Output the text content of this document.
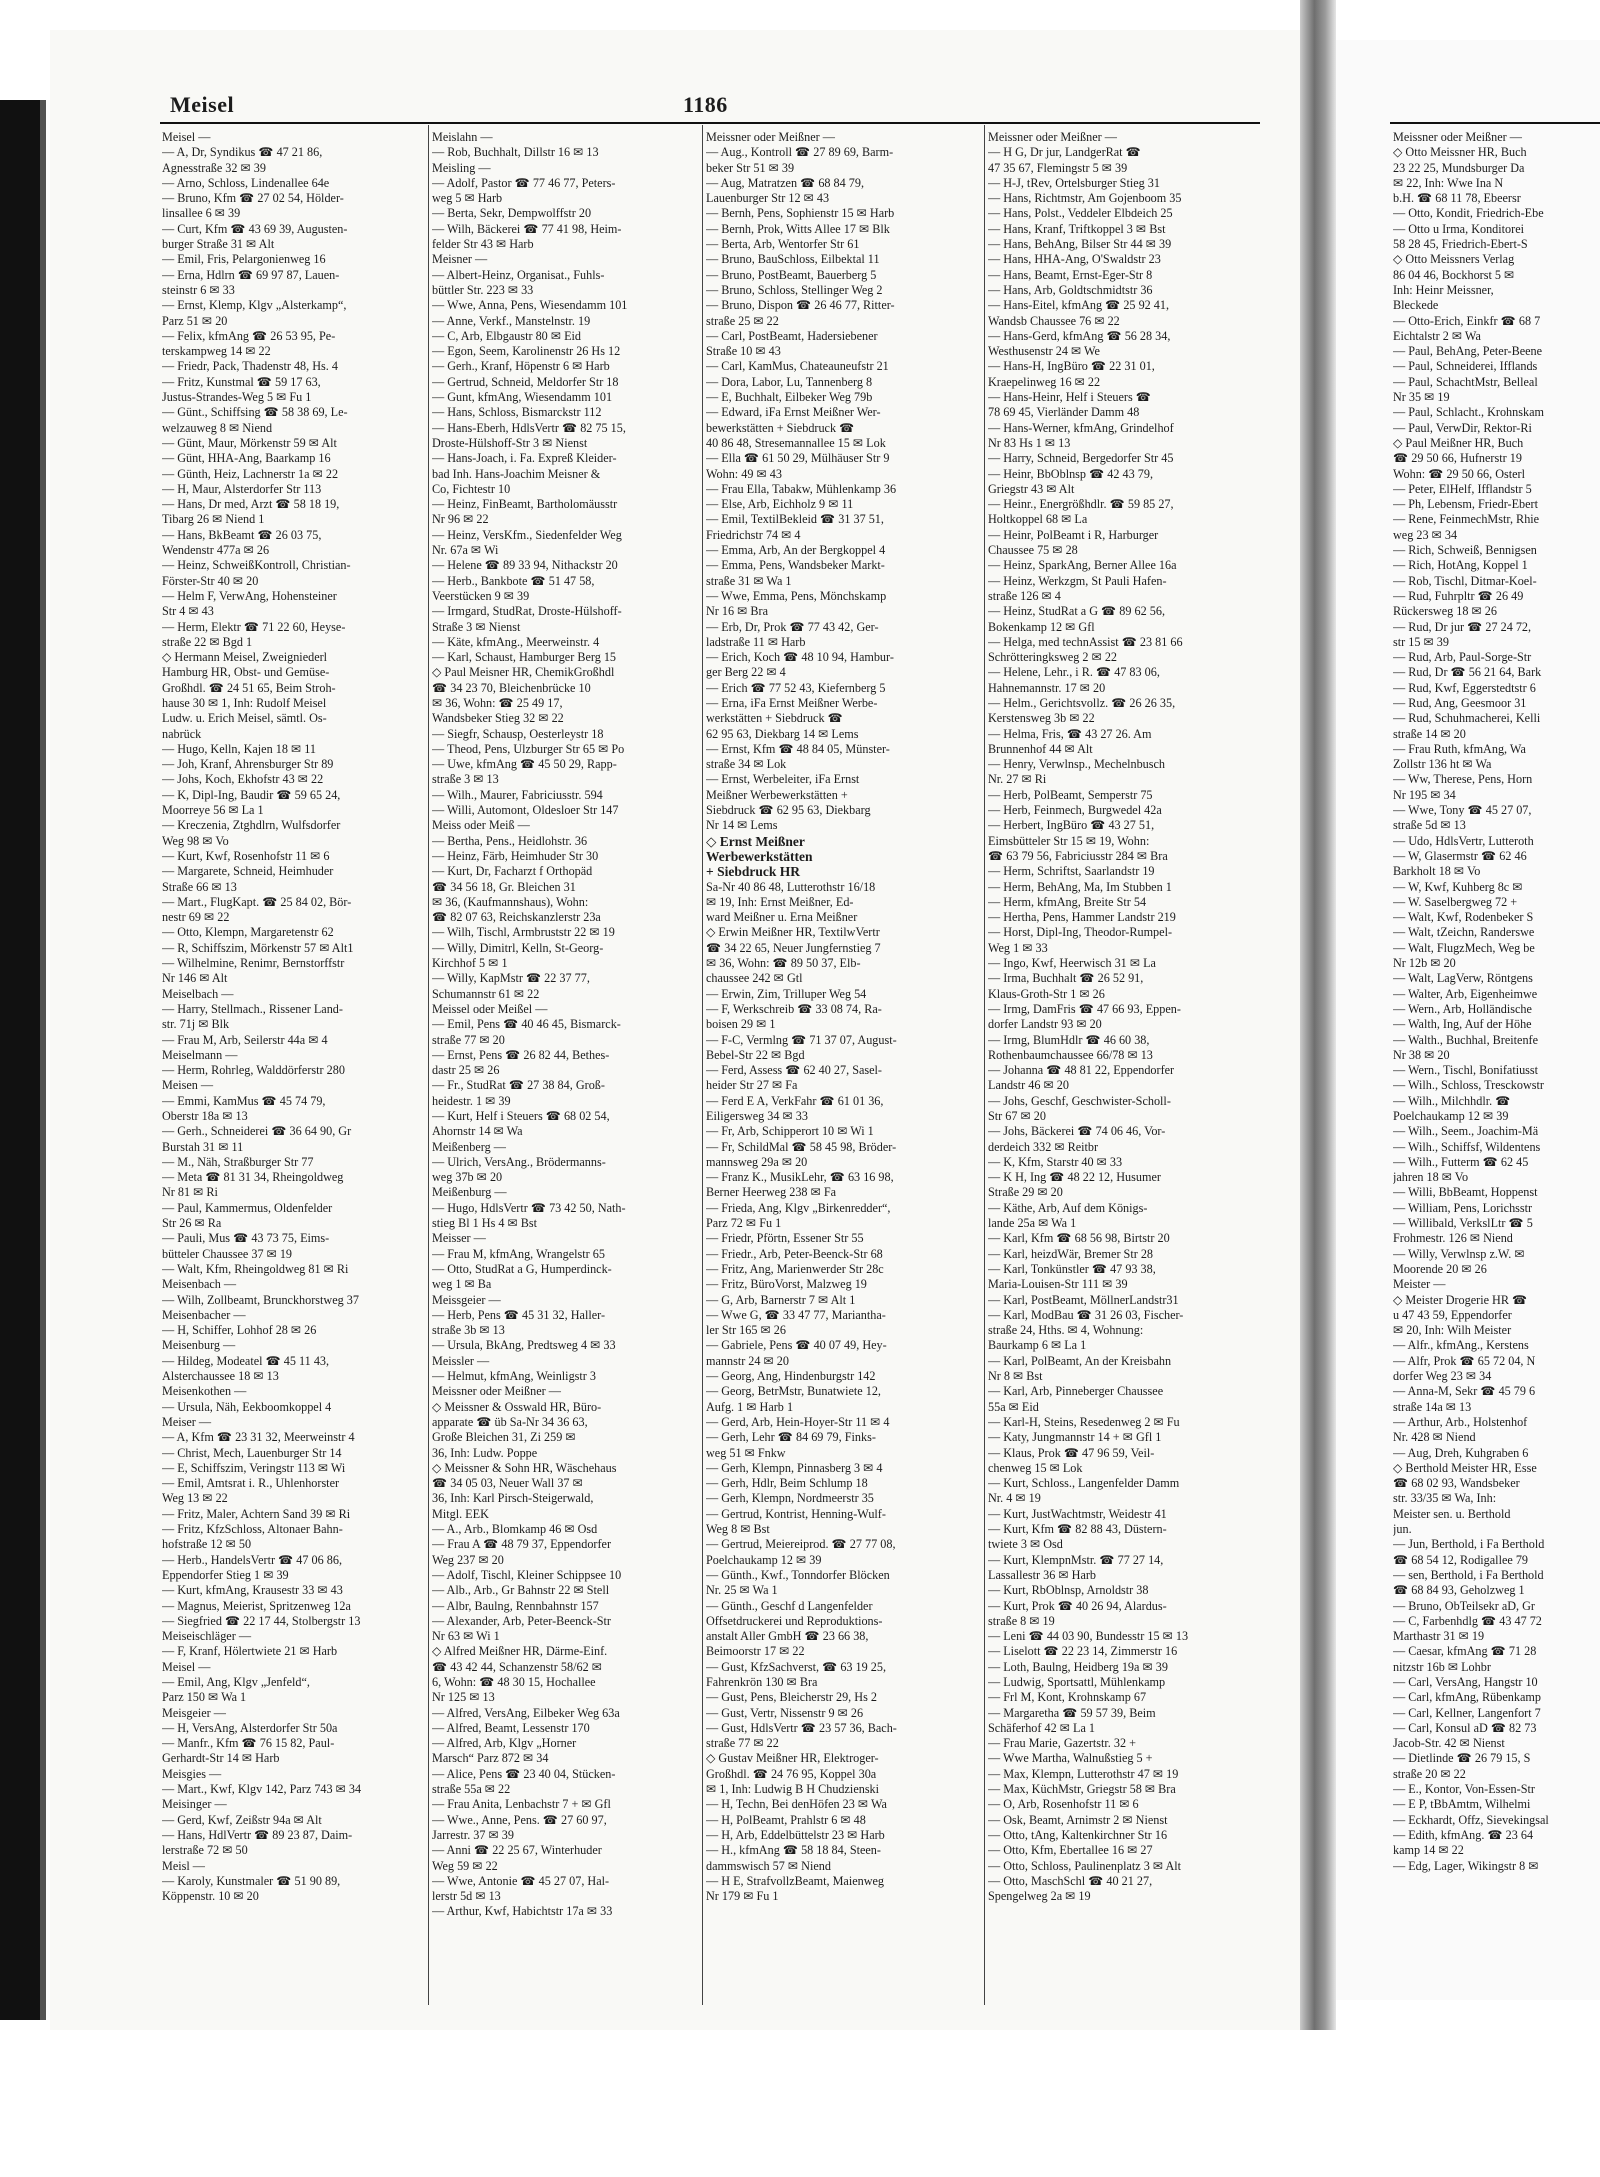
Meisel	1186
Meisel —
— A, Dr, Syndikus ☎ 47 21 86,
Agnesstraße 32 ✉ 39
— Arno, Schloss, Lindenallee 64e
— Bruno, Kfm ☎ 27 02 54, Hölder-
linsallee 6 ✉ 39
— Curt, Kfm ☎ 43 69 39, Augusten-
burger Straße 31 ✉ Alt
— Emil, Fris, Pelargonienweg 16
— Erna, Hdlrn ☎ 69 97 87, Lauen-
steinstr 6 ✉ 33
— Ernst, Klemp, Klgv „Alsterkamp“,
Parz 51 ✉ 20
— Felix, kfmAng ☎ 26 53 95, Pe-
terskampweg 14 ✉ 22
— Friedr, Pack, Thadenstr 48, Hs. 4
— Fritz, Kunstmal ☎ 59 17 63,
Justus-Strandes-Weg 5 ✉ Fu 1
— Günt., Schiffsing ☎ 58 38 69, Le-
welzauweg 8 ✉ Niend
— Günt, Maur, Mörkenstr 59 ✉ Alt
— Günt, HHA-Ang, Baarkamp 16
— Günth, Heiz, Lachnerstr 1a ✉ 22
— H, Maur, Alsterdorfer Str 113
— Hans, Dr med, Arzt ☎ 58 18 19,
Tibarg 26 ✉ Niend 1
— Hans, BkBeamt ☎ 26 03 75,
Wendenstr 477a ✉ 26
— Heinz, SchweißKontroll, Christian-
Förster-Str 40 ✉ 20
— Helm F, VerwAng, Hohensteiner
Str 4 ✉ 43
— Herm, Elektr ☎ 71 22 60, Heyse-
straße 22 ✉ Bgd 1
◇ Hermann Meisel, Zweigniederl
Hamburg HR, Obst- und Gemüse-
Großhdl. ☎ 24 51 65, Beim Stroh-
hause 30 ✉ 1, Inh: Rudolf Meisel
Ludw. u. Erich Meisel, sämtl. Os-
nabrück
— Hugo, Kelln, Kajen 18 ✉ 11
— Joh, Kranf, Ahrensburger Str 89
— Johs, Koch, Ekhofstr 43 ✉ 22
— K, Dipl-Ing, Baudir ☎ 59 65 24,
Moorreye 56 ✉ La 1
— Kreczenia, Ztghdlrn, Wulfsdorfer
Weg 98 ✉ Vo
— Kurt, Kwf, Rosenhofstr 11 ✉ 6
— Margarete, Schneid, Heimhuder
Straße 66 ✉ 13
— Mart., FlugKapt. ☎ 25 84 02, Bör-
nestr 69 ✉ 22
— Otto, Klempn, Margaretenstr 62
— R, Schiffszim, Mörkenstr 57 ✉ Alt1
— Wilhelmine, Renimr, Bernstorffstr
Nr 146 ✉ Alt
Meiselbach —
— Harry, Stellmach., Rissener Land-
str. 71j ✉ Blk
— Frau M, Arb, Seilerstr 44a ✉ 4
Meiselmann —
— Herm, Rohrleg, Walddörferstr 280
Meisen —
— Emmi, KamMus ☎ 45 74 79,
Oberstr 18a ✉ 13
— Gerh., Schneiderei ☎ 36 64 90, Gr
Burstah 31 ✉ 11
— M., Näh, Straßburger Str 77
— Meta ☎ 81 31 34, Rheingoldweg
Nr 81 ✉ Ri
— Paul, Kammermus, Oldenfelder
Str 26 ✉ Ra
— Pauli, Mus ☎ 43 73 75, Eims-
bütteler Chaussee 37 ✉ 19
— Walt, Kfm, Rheingoldweg 81 ✉ Ri
Meisenbach —
— Wilh, Zollbeamt, Brunckhorstweg 37
Meisenbacher —
— H, Schiffer, Lohhof 28 ✉ 26
Meisenburg —
— Hildeg, Modeatel ☎ 45 11 43,
Alsterchaussee 18 ✉ 13
Meisenkothen —
— Ursula, Näh, Eekboomkoppel 4
Meiser —
— A, Kfm ☎ 23 31 32, Meerweinstr 4
— Christ, Mech, Lauenburger Str 14
— E, Schiffszim, Veringstr 113 ✉ Wi
— Emil, Amtsrat i. R., Uhlenhorster
Weg 13 ✉ 22
— Fritz, Maler, Achtern Sand 39 ✉ Ri
— Fritz, KfzSchloss, Altonaer Bahn-
hofstraße 12 ✉ 50
— Herb., HandelsVertr ☎ 47 06 86,
Eppendorfer Stieg 1 ✉ 39
— Kurt, kfmAng, Krausestr 33 ✉ 43
— Magnus, Meierist, Spritzenweg 12a
— Siegfried ☎ 22 17 44, Stolbergstr 13
Meiseischläger —
— F, Kranf, Hölertwiete 21 ✉ Harb
Meisel —
— Emil, Ang, Klgv „Jenfeld“,
Parz 150 ✉ Wa 1
Meisgeier —
— H, VersAng, Alsterdorfer Str 50a
— Manfr., Kfm ☎ 76 15 82, Paul-
Gerhardt-Str 14 ✉ Harb
Meisgies —
— Mart., Kwf, Klgv 142, Parz 743 ✉ 34
Meisinger —
— Gerd, Kwf, Zeißstr 94a ✉ Alt
— Hans, HdlVertr ☎ 89 23 87, Daim-
lerstraße 72 ✉ 50
Meisl —
— Karoly, Kunstmaler ☎ 51 90 89,
Köppenstr. 10 ✉ 20
Meislahn —
— Rob, Buchhalt, Dillstr 16 ✉ 13
Meisling —
— Adolf, Pastor ☎ 77 46 77, Peters-
weg 5 ✉ Harb
— Berta, Sekr, Dempwolffstr 20
— Wilh, Bäckerei ☎ 77 41 98, Heim-
felder Str 43 ✉ Harb
Meisner —
— Albert-Heinz, Organisat., Fuhls-
büttler Str. 223 ✉ 33
— Wwe, Anna, Pens, Wiesendamm 101
— Anne, Verkf., Manstelnstr. 19
— C, Arb, Elbgaustr 80 ✉ Eid
— Egon, Seem, Karolinenstr 26 Hs 12
— Gerh., Kranf, Höpenstr 6 ✉ Harb
— Gertrud, Schneid, Meldorfer Str 18
— Gunt, kfmAng, Wiesendamm 101
— Hans, Schloss, Bismarckstr 112
— Hans-Eberh, HdlsVertr ☎ 82 75 15,
Droste-Hülshoff-Str 3 ✉ Nienst
— Hans-Joach, i. Fa. Expreß Kleider-
bad Inh. Hans-Joachim Meisner &
Co, Fichtestr 10
— Heinz, FinBeamt, Bartholomäusstr
Nr 96 ✉ 22
— Heinz, VersKfm., Siedenfelder Weg
Nr. 67a ✉ Wi
— Helene ☎ 89 33 94, Nithackstr 20
— Herb., Bankbote ☎ 51 47 58,
Veerstücken 9 ✉ 39
— Irmgard, StudRat, Droste-Hülshoff-
Straße 3 ✉ Nienst
— Käte, kfmAng., Meerweinstr. 4
— Karl, Schaust, Hamburger Berg 15
◇ Paul Meisner HR, ChemikGroßhdl
☎ 34 23 70, Bleichenbrücke 10
✉ 36, Wohn: ☎ 25 49 17,
Wandsbeker Stieg 32 ✉ 22
— Siegfr, Schausp, Oesterleystr 18
— Theod, Pens, Ulzburger Str 65 ✉ Po
— Uwe, kfmAng ☎ 45 50 29, Rapp-
straße 3 ✉ 13
— Wilh., Maurer, Fabriciusstr. 594
— Willi, Automont, Oldesloer Str 147
Meiss oder Meiß —
— Bertha, Pens., Heidlohstr. 36
— Heinz, Färb, Heimhuder Str 30
— Kurt, Dr, Facharzt f Orthopäd
☎ 34 56 18, Gr. Bleichen 31
✉ 36, (Kaufmannshaus), Wohn:
☎ 82 07 63, Reichskanzlerstr 23a
— Wilh, Tischl, Armbruststr 22 ✉ 19
— Willy, Dimitrl, Kelln, St-Georg-
Kirchhof 5 ✉ 1
— Willy, KapMstr ☎ 22 37 77,
Schumannstr 61 ✉ 22
Meissel oder Meißel —
— Emil, Pens ☎ 40 46 45, Bismarck-
straße 77 ✉ 20
— Ernst, Pens ☎ 26 82 44, Bethes-
dastr 25 ✉ 26
— Fr., StudRat ☎ 27 38 84, Groß-
heidestr. 1 ✉ 39
— Kurt, Helf i Steuers ☎ 68 02 54,
Ahornstr 14 ✉ Wa
Meißenberg —
— Ulrich, VersAng., Brödermanns-
weg 37b ✉ 20
Meißenburg —
— Hugo, HdlsVertr ☎ 73 42 50, Nath-
stieg Bl 1 Hs 4 ✉ Bst
Meisser —
— Frau M, kfmAng, Wrangelstr 65
— Otto, StudRat a G, Humperdinck-
weg 1 ✉ Ba
Meissgeier —
— Herb, Pens ☎ 45 31 32, Haller-
straße 3b ✉ 13
— Ursula, BkAng, Predtsweg 4 ✉ 33
Meissler —
— Helmut, kfmAng, Weinligstr 3
Meissner oder Meißner —
◇ Meissner & Osswald HR, Büro-
apparate ☎ üb Sa-Nr 34 36 63,
Große Bleichen 31, Zi 259 ✉
36, Inh: Ludw. Poppe
◇ Meissner & Sohn HR, Wäschehaus
☎ 34 05 03, Neuer Wall 37 ✉
36, Inh: Karl Pirsch-Steigerwald,
Mitgl. EEK
— A., Arb., Blomkamp 46 ✉ Osd
— Frau A ☎ 48 79 37, Eppendorfer
Weg 237 ✉ 20
— Adolf, Tischl, Kleiner Schippsee 10
— Alb., Arb., Gr Bahnstr 22 ✉ Stell
— Albr, Baulng, Rennbahnstr 157
— Alexander, Arb, Peter-Beenck-Str
Nr 63 ✉ Wi 1
◇ Alfred Meißner HR, Därme-Einf.
☎ 43 42 44, Schanzenstr 58/62 ✉
6, Wohn: ☎ 48 30 15, Hochallee
Nr 125 ✉ 13
— Alfred, VersAng, Eilbeker Weg 63a
— Alfred, Beamt, Lessenstr 170
— Alfred, Arb, Klgv „Horner
Marsch“ Parz 872 ✉ 34
— Alice, Pens ☎ 23 40 04, Stücken-
straße 55a ✉ 22
— Frau Anita, Lenbachstr 7 + ✉ Gfl
— Wwe., Anne, Pens. ☎ 27 60 97,
Jarrestr. 37 ✉ 39
— Anni ☎ 22 25 67, Winterhuder
Weg 59 ✉ 22
— Wwe, Antonie ☎ 45 27 07, Hal-
lerstr 5d ✉ 13
— Arthur, Kwf, Habichtstr 17a ✉ 33
Meissner oder Meißner —
— Aug., Kontroll ☎ 27 89 69, Barm-
beker Str 51 ✉ 39
— Aug, Matratzen ☎ 68 84 79,
Lauenburger Str 12 ✉ 43
— Bernh, Pens, Sophienstr 15 ✉ Harb
— Bernh, Prok, Witts Allee 17 ✉ Blk
— Berta, Arb, Wentorfer Str 61
— Bruno, BauSchloss, Eilbektal 11
— Bruno, PostBeamt, Bauerberg 5
— Bruno, Schloss, Stellinger Weg 2
— Bruno, Dispon ☎ 26 46 77, Ritter-
straße 25 ✉ 22
— Carl, PostBeamt, Hadersiebener
Straße 10 ✉ 43
— Carl, KamMus, Chateauneufstr 21
— Dora, Labor, Lu, Tannenberg 8
— E, Buchhalt, Eilbeker Weg 79b
— Edward, iFa Ernst Meißner Wer-
bewerkstätten + Siebdruck ☎
40 86 48, Stresemannallee 15 ✉ Lok
— Ella ☎ 61 50 29, Mülhäuser Str 9
Wohn: 49 ✉ 43
— Frau Ella, Tabakw, Mühlenkamp 36
— Else, Arb, Eichholz 9 ✉ 11
— Emil, TextilBekleid ☎ 31 37 51,
Friedrichstr 74 ✉ 4
— Emma, Arb, An der Bergkoppel 4
— Emma, Pens, Wandsbeker Markt-
straße 31 ✉ Wa 1
— Wwe, Emma, Pens, Mönchskamp
Nr 16 ✉ Bra
— Erb, Dr, Prok ☎ 77 43 42, Ger-
ladstraße 11 ✉ Harb
— Erich, Koch ☎ 48 10 94, Hambur-
ger Berg 22 ✉ 4
— Erich ☎ 77 52 43, Kiefernberg 5
— Erna, iFa Ernst Meißner Werbe-
werkstätten + Siebdruck ☎
62 95 63, Diekbarg 14 ✉ Lems
— Ernst, Kfm ☎ 48 84 05, Münster-
straße 34 ✉ Lok
— Ernst, Werbeleiter, iFa Ernst
Meißner Werbewerkstätten +
Siebdruck ☎ 62 95 63, Diekbarg
Nr 14 ✉ Lems
◇ Ernst Meißner
Werbewerkstätten
+ Siebdruck HR
Sa-Nr 40 86 48, Lutterothstr 16/18
✉ 19, Inh: Ernst Meißner, Ed-
ward Meißner u. Erna Meißner
◇ Erwin Meißner HR, TextilwVertr
☎ 34 22 65, Neuer Jungfernstieg 7
✉ 36, Wohn: ☎ 89 50 37, Elb-
chaussee 242 ✉ Gtl
— Erwin, Zim, Trilluper Weg 54
— F, Werkschreib ☎ 33 08 74, Ra-
boisen 29 ✉ 1
— F-C, Vermlng ☎ 71 37 07, August-
Bebel-Str 22 ✉ Bgd
— Ferd, Assess ☎ 62 40 27, Sasel-
heider Str 27 ✉ Fa
— Ferd E A, VerkFahr ☎ 61 01 36,
Eiligersweg 34 ✉ 33
— Fr, Arb, Schipperort 10 ✉ Wi 1
— Fr, SchildMal ☎ 58 45 98, Bröder-
mannsweg 29a ✉ 20
— Franz K., MusikLehr, ☎ 63 16 98,
Berner Heerweg 238 ✉ Fa
— Frieda, Ang, Klgv „Birkenredder“,
Parz 72 ✉ Fu 1
— Friedr, Pförtn, Essener Str 55
— Friedr., Arb, Peter-Beenck-Str 68
— Fritz, Ang, Marienwerder Str 28c
— Fritz, BüroVorst, Malzweg 19
— G, Arb, Barnerstr 7 ✉ Alt 1
— Wwe G, ☎ 33 47 77, Mariantha-
ler Str 165 ✉ 26
— Gabriele, Pens ☎ 40 07 49, Hey-
mannstr 24 ✉ 20
— Georg, Ang, Hindenburgstr 142
— Georg, BetrMstr, Bunatwiete 12,
Aufg. 1 ✉ Harb 1
— Gerd, Arb, Hein-Hoyer-Str 11 ✉ 4
— Gerh, Lehr ☎ 84 69 79, Finks-
weg 51 ✉ Fnkw
— Gerh, Klempn, Pinnasberg 3 ✉ 4
— Gerh, Hdlr, Beim Schlump 18
— Gerh, Klempn, Nordmeerstr 35
— Gertrud, Kontrist, Henning-Wulf-
Weg 8 ✉ Bst
— Gertrud, Meiereiprod. ☎ 27 77 08,
Poelchaukamp 12 ✉ 39
— Günth., Kwf., Tonndorfer Blöcken
Nr. 25 ✉ Wa 1
— Günth., Geschf d Langenfelder
Offsetdruckerei und Reproduktions-
anstalt Aller GmbH ☎ 23 66 38,
Beimoorstr 17 ✉ 22
— Gust, KfzSachverst, ☎ 63 19 25,
Fahrenkrön 130 ✉ Bra
— Gust, Pens, Bleicherstr 29, Hs 2
— Gust, Vertr, Nissenstr 9 ✉ 26
— Gust, HdlsVertr ☎ 23 57 36, Bach-
straße 77 ✉ 22
◇ Gustav Meißner HR, Elektroger-
Großhdl. ☎ 24 76 95, Koppel 30a
✉ 1, Inh: Ludwig B H Chudzienski
— H, Techn, Bei denHöfen 23 ✉ Wa
— H, PolBeamt, Prahlstr 6 ✉ 48
— H, Arb, Eddelbüttelstr 23 ✉ Harb
— H., kfmAng ☎ 58 18 84, Steen-
dammswisch 57 ✉ Niend
— H E, StrafvollzBeamt, Maienweg
Nr 179 ✉ Fu 1
Meissner oder Meißner —
— H G, Dr jur, LandgerRat ☎
47 35 67, Flemingstr 5 ✉ 39
— H-J, tRev, Ortelsburger Stieg 31
— Hans, Richtmstr, Am Gojenboom 35
— Hans, Polst., Veddeler Elbdeich 25
— Hans, Kranf, Triftkoppel 3 ✉ Bst
— Hans, BehAng, Bilser Str 44 ✉ 39
— Hans, HHA-Ang, O'Swaldstr 23
— Hans, Beamt, Ernst-Eger-Str 8
— Hans, Arb, Goldtschmidtstr 36
— Hans-Eitel, kfmAng ☎ 25 92 41,
Wandsb Chaussee 76 ✉ 22
— Hans-Gerd, kfmAng ☎ 56 28 34,
Westhusenstr 24 ✉ We
— Hans-H, IngBüro ☎ 22 31 01,
Kraepelinweg 16 ✉ 22
— Hans-Heinr, Helf i Steuers ☎
78 69 45, Vierländer Damm 48
— Hans-Werner, kfmAng, Grindelhof
Nr 83 Hs 1 ✉ 13
— Harry, Schneid, Bergedorfer Str 45
— Heinr, BbOblnsp ☎ 42 43 79,
Griegstr 43 ✉ Alt
— Heinr., Energrößhdlr. ☎ 59 85 27,
Holtkoppel 68 ✉ La
— Heinr, PolBeamt i R, Harburger
Chaussee 75 ✉ 28
— Heinz, SparkAng, Berner Allee 16a
— Heinz, Werkzgm, St Pauli Hafen-
straße 126 ✉ 4
— Heinz, StudRat a G ☎ 89 62 56,
Bokenkamp 12 ✉ Gfl
— Helga, med technAssist ☎ 23 81 66
Schrötteringksweg 2 ✉ 22
— Helene, Lehr., i R. ☎ 47 83 06,
Hahnemannstr. 17 ✉ 20
— Helm., Gerichtsvollz. ☎ 26 26 35,
Kerstensweg 3b ✉ 22
— Helma, Fris, ☎ 43 27 26. Am
Brunnenhof 44 ✉ Alt
— Henry, Verwlnsp., Mechelnbusch
Nr. 27 ✉ Ri
— Herb, PolBeamt, Semperstr 75
— Herb, Feinmech, Burgwedel 42a
— Herbert, IngBüro ☎ 43 27 51,
Eimsbütteler Str 15 ✉ 19, Wohn:
☎ 63 79 56, Fabriciusstr 284 ✉ Bra
— Herm, Schriftst, Saarlandstr 19
— Herm, BehAng, Ma, Im Stubben 1
— Herm, kfmAng, Breite Str 54
— Hertha, Pens, Hammer Landstr 219
— Horst, Dipl-Ing, Theodor-Rumpel-
Weg 1 ✉ 33
— Ingo, Kwf, Heerwisch 31 ✉ La
— Irma, Buchhalt ☎ 26 52 91,
Klaus-Groth-Str 1 ✉ 26
— Irmg, DamFris ☎ 47 66 93, Eppen-
dorfer Landstr 93 ✉ 20
— Irmg, BlumHdlr ☎ 46 60 38,
Rothenbaumchaussee 66/78 ✉ 13
— Johanna ☎ 48 81 22, Eppendorfer
Landstr 46 ✉ 20
— Johs, Geschf, Geschwister-Scholl-
Str 67 ✉ 20
— Johs, Bäckerei ☎ 74 06 46, Vor-
derdeich 332 ✉ Reitbr
— K, Kfm, Starstr 40 ✉ 33
— K H, Ing ☎ 48 22 12, Husumer
Straße 29 ✉ 20
— Käthe, Arb, Auf dem Königs-
lande 25a ✉ Wa 1
— Karl, Kfm ☎ 68 56 98, Birtstr 20
— Karl, heizdWär, Bremer Str 28
— Karl, Tonkünstler ☎ 47 93 38,
Maria-Louisen-Str 111 ✉ 39
— Karl, PostBeamt, MöllnerLandstr31
— Karl, ModBau ☎ 31 26 03, Fischer-
straße 24, Hths. ✉ 4, Wohnung:
Baurkamp 6 ✉ La 1
— Karl, PolBeamt, An der Kreisbahn
Nr 8 ✉ Bst
— Karl, Arb, Pinneberger Chaussee
55a ✉ Eid
— Karl-H, Steins, Resedenweg 2 ✉ Fu
— Katy, Jungmannstr 14 + ✉ Gfl 1
— Klaus, Prok ☎ 47 96 59, Veil-
chenweg 15 ✉ Lok
— Kurt, Schloss., Langenfelder Damm
Nr. 4 ✉ 19
— Kurt, JustWachtmstr, Weidestr 41
— Kurt, Kfm ☎ 82 88 43, Düstern-
twiete 3 ✉ Osd
— Kurt, KlempnMstr. ☎ 77 27 14,
Lassallestr 36 ✉ Harb
— Kurt, RbOblnsp, Arnoldstr 38
— Kurt, Prok ☎ 40 26 94, Alardus-
straße 8 ✉ 19
— Leni ☎ 44 03 90, Bundesstr 15 ✉ 13
— Liselott ☎ 22 23 14, Zimmerstr 16
— Loth, Baulng, Heidberg 19a ✉ 39
— Ludwig, Sportsattl, Mühlenkamp
— Frl M, Kont, Krohnskamp 67
— Margaretha ☎ 59 57 39, Beim
Schäferhof 42 ✉ La 1
— Frau Marie, Gazertstr. 32 +
— Wwe Martha, Walnußstieg 5 +
— Max, Klempn, Lutterothstr 47 ✉ 19
— Max, KüchMstr, Griegstr 58 ✉ Bra
— O, Arb, Rosenhofstr 11 ✉ 6
— Osk, Beamt, Arnimstr 2 ✉ Nienst
— Otto, tAng, Kaltenkirchner Str 16
— Otto, Kfm, Ebertallee 16 ✉ 27
— Otto, Schloss, Paulinenplatz 3 ✉ Alt
— Otto, MaschSchl ☎ 40 21 27,
Spengelweg 2a ✉ 19
Meissner oder Meißner —
◇ Otto Meissner HR, Buch
23 22 25, Mundsburger Da
✉ 22, Inh: Wwe Ina N
b.H. ☎ 68 11 78, Ebeersr
— Otto, Kondit, Friedrich-Ebe
— Otto u Irma, Konditorei
58 28 45, Friedrich-Ebert-S
◇ Otto Meissners Verlag
86 04 46, Bockhorst 5 ✉
Inh: Heinr Meissner,
Bleckede
— Otto-Erich, Einkfr ☎ 68 7
Eichtalstr 2 ✉ Wa
— Paul, BehAng, Peter-Beene
— Paul, Schneiderei, Ifflands
— Paul, SchachtMstr, Belleal
Nr 35 ✉ 19
— Paul, Schlacht., Krohnskam
— Paul, VerwDir, Rektor-Ri
◇ Paul Meißner HR, Buch
☎ 29 50 66, Hufnerstr 19
Wohn: ☎ 29 50 66, Osterl
— Peter, ElHelf, Ifflandstr 5
— Ph, Lebensm, Friedr-Ebert
— Rene, FeinmechMstr, Rhie
weg 23 ✉ 34
— Rich, Schweiß, Bennigsen
— Rich, HotAng, Koppel 1
— Rob, Tischl, Ditmar-Koel-
— Rud, Fuhrpltr ☎ 26 49
Rückersweg 18 ✉ 26
— Rud, Dr jur ☎ 27 24 72,
str 15 ✉ 39
— Rud, Arb, Paul-Sorge-Str
— Rud, Dr ☎ 56 21 64, Bark
— Rud, Kwf, Eggerstedtstr 6
— Rud, Ang, Geesmoor 31
— Rud, Schuhmacherei, Kelli
straße 14 ✉ 20
— Frau Ruth, kfmAng, Wa
Zollstr 136 ht ✉ Wa
— Ww, Therese, Pens, Horn
Nr 195 ✉ 34
— Wwe, Tony ☎ 45 27 07,
straße 5d ✉ 13
— Udo, HdlsVertr, Lutteroth
— W, Glasermstr ☎ 62 46
Barkholt 18 ✉ Vo
— W, Kwf, Kuhberg 8c ✉
— W. Saselbergweg 72 +
— Walt, Kwf, Rodenbeker S
— Walt, tZeichn, Randerswe
— Walt, FlugzMech, Weg be
Nr 12b ✉ 20
— Walt, LagVerw, Röntgens
— Walter, Arb, Eigenheimwe
— Wern., Arb, Holländische
— Walth, Ing, Auf der Höhe
— Walth., Buchhal, Breitenfe
Nr 38 ✉ 20
— Wern., Tischl, Bonifatiusst
— Wilh., Schloss, Tresckowstr
— Wilh., Milchhdlr. ☎
Poelchaukamp 12 ✉ 39
— Wilh., Seem., Joachim-Mä
— Wilh., Schiffsf, Wildentens
— Wilh., Futterm ☎ 62 45
jahren 18 ✉ Vo
— Willi, BbBeamt, Hoppenst
— William, Pens, Lorichsstr
— Willibald, VerkslLtr ☎ 5
Frohmestr. 126 ✉ Niend
— Willy, Verwlnsp z.W. ✉
Moorende 20 ✉ 26
Meister —
◇ Meister Drogerie HR ☎
u 47 43 59, Eppendorfer
✉ 20, Inh: Wilh Meister
— Alfr., kfmAng., Kerstens
— Alfr, Prok ☎ 65 72 04, N
dorfer Weg 23 ✉ 34
— Anna-M, Sekr ☎ 45 79 6
straße 14a ✉ 13
— Arthur, Arb., Holstenhof
Nr. 428 ✉ Niend
— Aug, Dreh, Kuhgraben 6
◇ Berthold Meister HR, Esse
☎ 68 02 93, Wandsbeker
str. 33/35 ✉ Wa, Inh:
Meister sen. u. Berthold
jun.
— Jun, Berthold, i Fa Berthold
☎ 68 54 12, Rodigallee 79
— sen, Berthold, i Fa Berthold
☎ 68 84 93, Geholzweg 1
— Bruno, ObTeilsekr aD, Gr
— C, Farbenhdlg ☎ 43 47 72
Marthastr 31 ✉ 19
— Caesar, kfmAng ☎ 71 28
nitzstr 16b ✉ Lohbr
— Carl, VersAng, Hangstr 10
— Carl, kfmAng, Rübenkamp
— Carl, Kellner, Langenfort 7
— Carl, Konsul aD ☎ 82 73
Jacob-Str. 42 ✉ Nienst
— Dietlinde ☎ 26 79 15, S
straße 20 ✉ 22
— E., Kontor, Von-Essen-Str
— E P, tBbAmtm, Wilhelmi
— Eckhardt, Offz, Sievekingsal
— Edith, kfmAng. ☎ 23 64
kamp 14 ✉ 22
— Edg, Lager, Wikingstr 8 ✉
